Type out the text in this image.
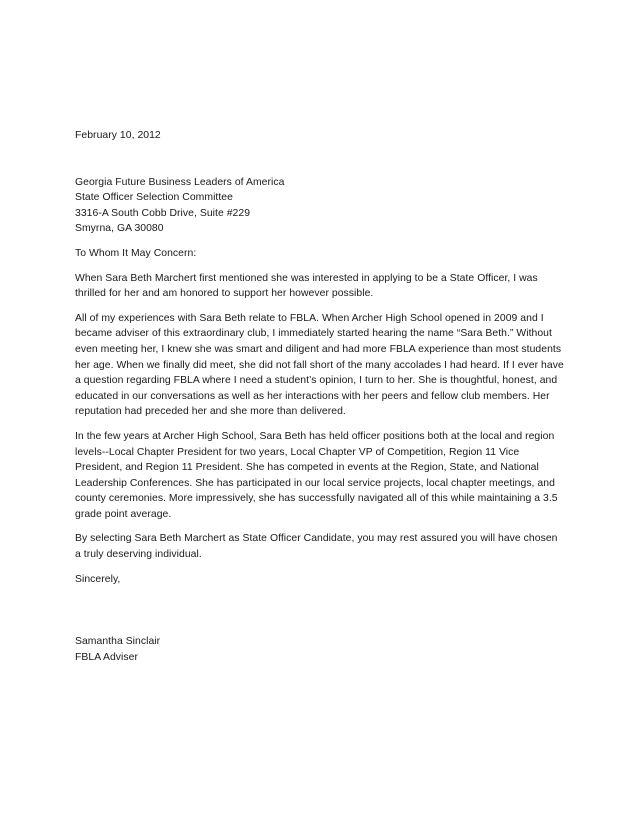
February 10, 2012

Georgia Future Business Leaders of America
State Officer Selection Committee
3316-A South Cobb Drive, Suite #229
Smyrna, GA 30080

To Whom It May Concern:

When Sara Beth Marchert first mentioned she was interested in applying to be a State Officer, I was thrilled for her and am honored to support her however possible.

All of my experiences with Sara Beth relate to FBLA. When Archer High School opened in 2009 and I became adviser of this extraordinary club, I immediately started hearing the name “Sara Beth.” Without even meeting her, I knew she was smart and diligent and had more FBLA experience than most students her age. When we finally did meet, she did not fall short of the many accolades I had heard. If I ever have a question regarding FBLA where I need a student’s opinion, I turn to her. She is thoughtful, honest, and educated in our conversations as well as her interactions with her peers and fellow club members. Her reputation had preceded her and she more than delivered.

In the few years at Archer High School, Sara Beth has held officer positions both at the local and region levels--Local Chapter President for two years, Local Chapter VP of Competition, Region 11 Vice President, and Region 11 President. She has competed in events at the Region, State, and National Leadership Conferences. She has participated in our local service projects, local chapter meetings, and county ceremonies. More impressively, she has successfully navigated all of this while maintaining a 3.5 grade point average.

By selecting Sara Beth Marchert as State Officer Candidate, you may rest assured you will have chosen a truly deserving individual.

Sincerely,

Samantha Sinclair
FBLA Adviser
